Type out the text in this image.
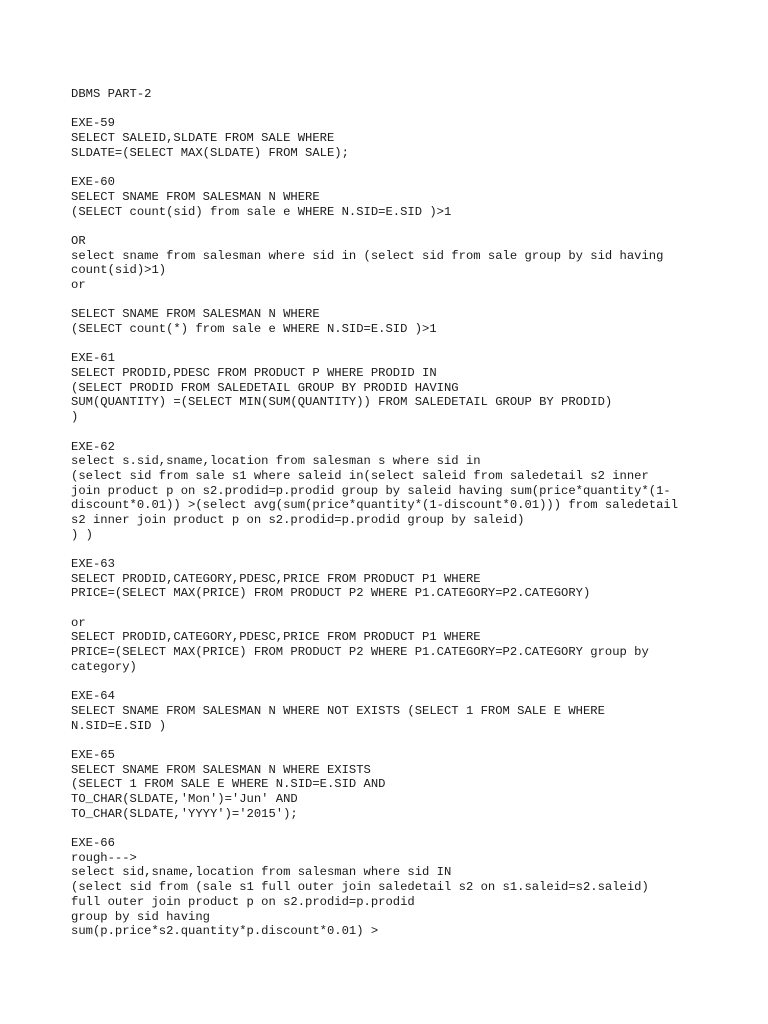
DBMS PART-2
EXE-59
SELECT SALEID,SLDATE FROM SALE WHERE
SLDATE=(SELECT MAX(SLDATE) FROM SALE);
EXE-60
SELECT SNAME FROM SALESMAN N WHERE
(SELECT count(sid) from sale e WHERE N.SID=E.SID )>1
OR
select sname from salesman where sid in (select sid from sale group by sid having
count(sid)>1)
or
SELECT SNAME FROM SALESMAN N WHERE
(SELECT count(*) from sale e WHERE N.SID=E.SID )>1
EXE-61
SELECT PRODID,PDESC FROM PRODUCT P WHERE PRODID IN
(SELECT PRODID FROM SALEDETAIL GROUP BY PRODID HAVING
SUM(QUANTITY) =(SELECT MIN(SUM(QUANTITY)) FROM SALEDETAIL GROUP BY PRODID)
)
EXE-62
select s.sid,sname,location from salesman s where sid in
(select sid from sale s1 where saleid in(select saleid from saledetail s2 inner
join product p on s2.prodid=p.prodid group by saleid having sum(price*quantity*(1-
discount*0.01)) >(select avg(sum(price*quantity*(1-discount*0.01))) from saledetail
s2 inner join product p on s2.prodid=p.prodid group by saleid)
) )
EXE-63
SELECT PRODID,CATEGORY,PDESC,PRICE FROM PRODUCT P1 WHERE
PRICE=(SELECT MAX(PRICE) FROM PRODUCT P2 WHERE P1.CATEGORY=P2.CATEGORY)
or
SELECT PRODID,CATEGORY,PDESC,PRICE FROM PRODUCT P1 WHERE
PRICE=(SELECT MAX(PRICE) FROM PRODUCT P2 WHERE P1.CATEGORY=P2.CATEGORY group by
category)
EXE-64
SELECT SNAME FROM SALESMAN N WHERE NOT EXISTS (SELECT 1 FROM SALE E WHERE
N.SID=E.SID )
EXE-65
SELECT SNAME FROM SALESMAN N WHERE EXISTS
(SELECT 1 FROM SALE E WHERE N.SID=E.SID AND
TO_CHAR(SLDATE,'Mon')='Jun' AND
TO_CHAR(SLDATE,'YYYY')='2015');
EXE-66
rough--->
select sid,sname,location from salesman where sid IN
(select sid from (sale s1 full outer join saledetail s2 on s1.saleid=s2.saleid)
full outer join product p on s2.prodid=p.prodid
group by sid having
sum(p.price*s2.quantity*p.discount*0.01) >
